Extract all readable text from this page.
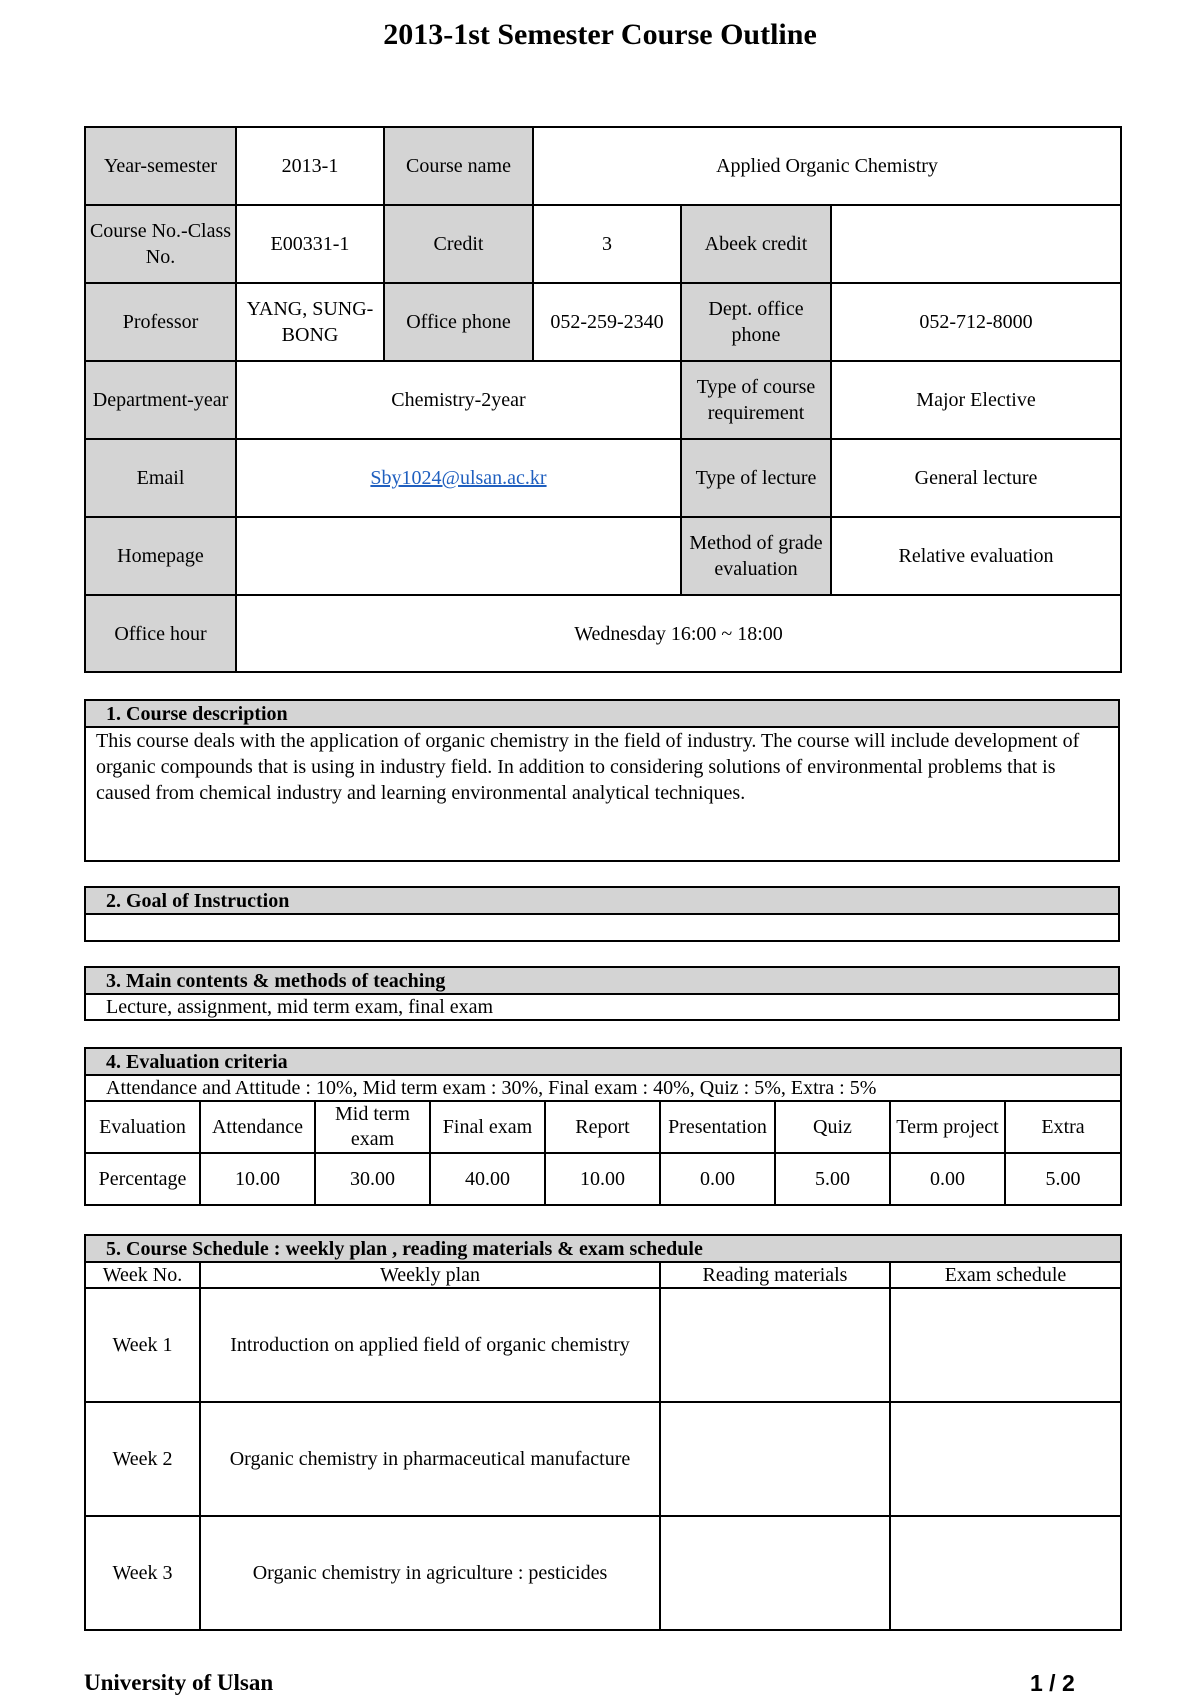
2013-1st Semester Course Outline
Year-semester	2013-1	Course name	Applied Organic Chemistry		
Course No.-Class No.	E00331-1	Credit	3	Abeek credit	
Professor	YANG, SUNG-BONG	Office phone	052-259-2340	Dept. office phone	052-712-8000
Department-year	Chemistry-2year			Type of course requirement	Major Elective
Email	Sby1024@ulsan.ac.kr			Type of lecture	General lecture
Homepage				Method of grade evaluation	Relative evaluation
Office hour	Wednesday 16:00 ~ 18:00				
1. Course description
This course deals with the application of organic chemistry in the field of industry. The course will include development of organic compounds that is using in industry field. In addition to considering solutions of environmental problems that is caused from chemical industry and learning environmental analytical techniques.
2. Goal of Instruction

3. Main contents & methods of teaching
Lecture, assignment, mid term exam, final exam
4. Evaluation criteria								
Attendance and Attitude : 10%, Mid term exam : 30%, Final exam : 40%, Quiz : 5%, Extra : 5%								
Evaluation	Attendance	Mid term exam	Final exam	Report	Presentation	Quiz	Term project	Extra
Percentage	10.00	30.00	40.00	10.00	0.00	5.00	0.00	5.00
5. Course Schedule : weekly plan , reading materials & exam schedule			
Week No.	Weekly plan	Reading materials	Exam schedule
Week 1	Introduction on applied field of organic chemistry		
Week 2	Organic chemistry in pharmaceutical manufacture		
Week 3	Organic chemistry in agriculture : pesticides		
University of Ulsan	1 / 2
